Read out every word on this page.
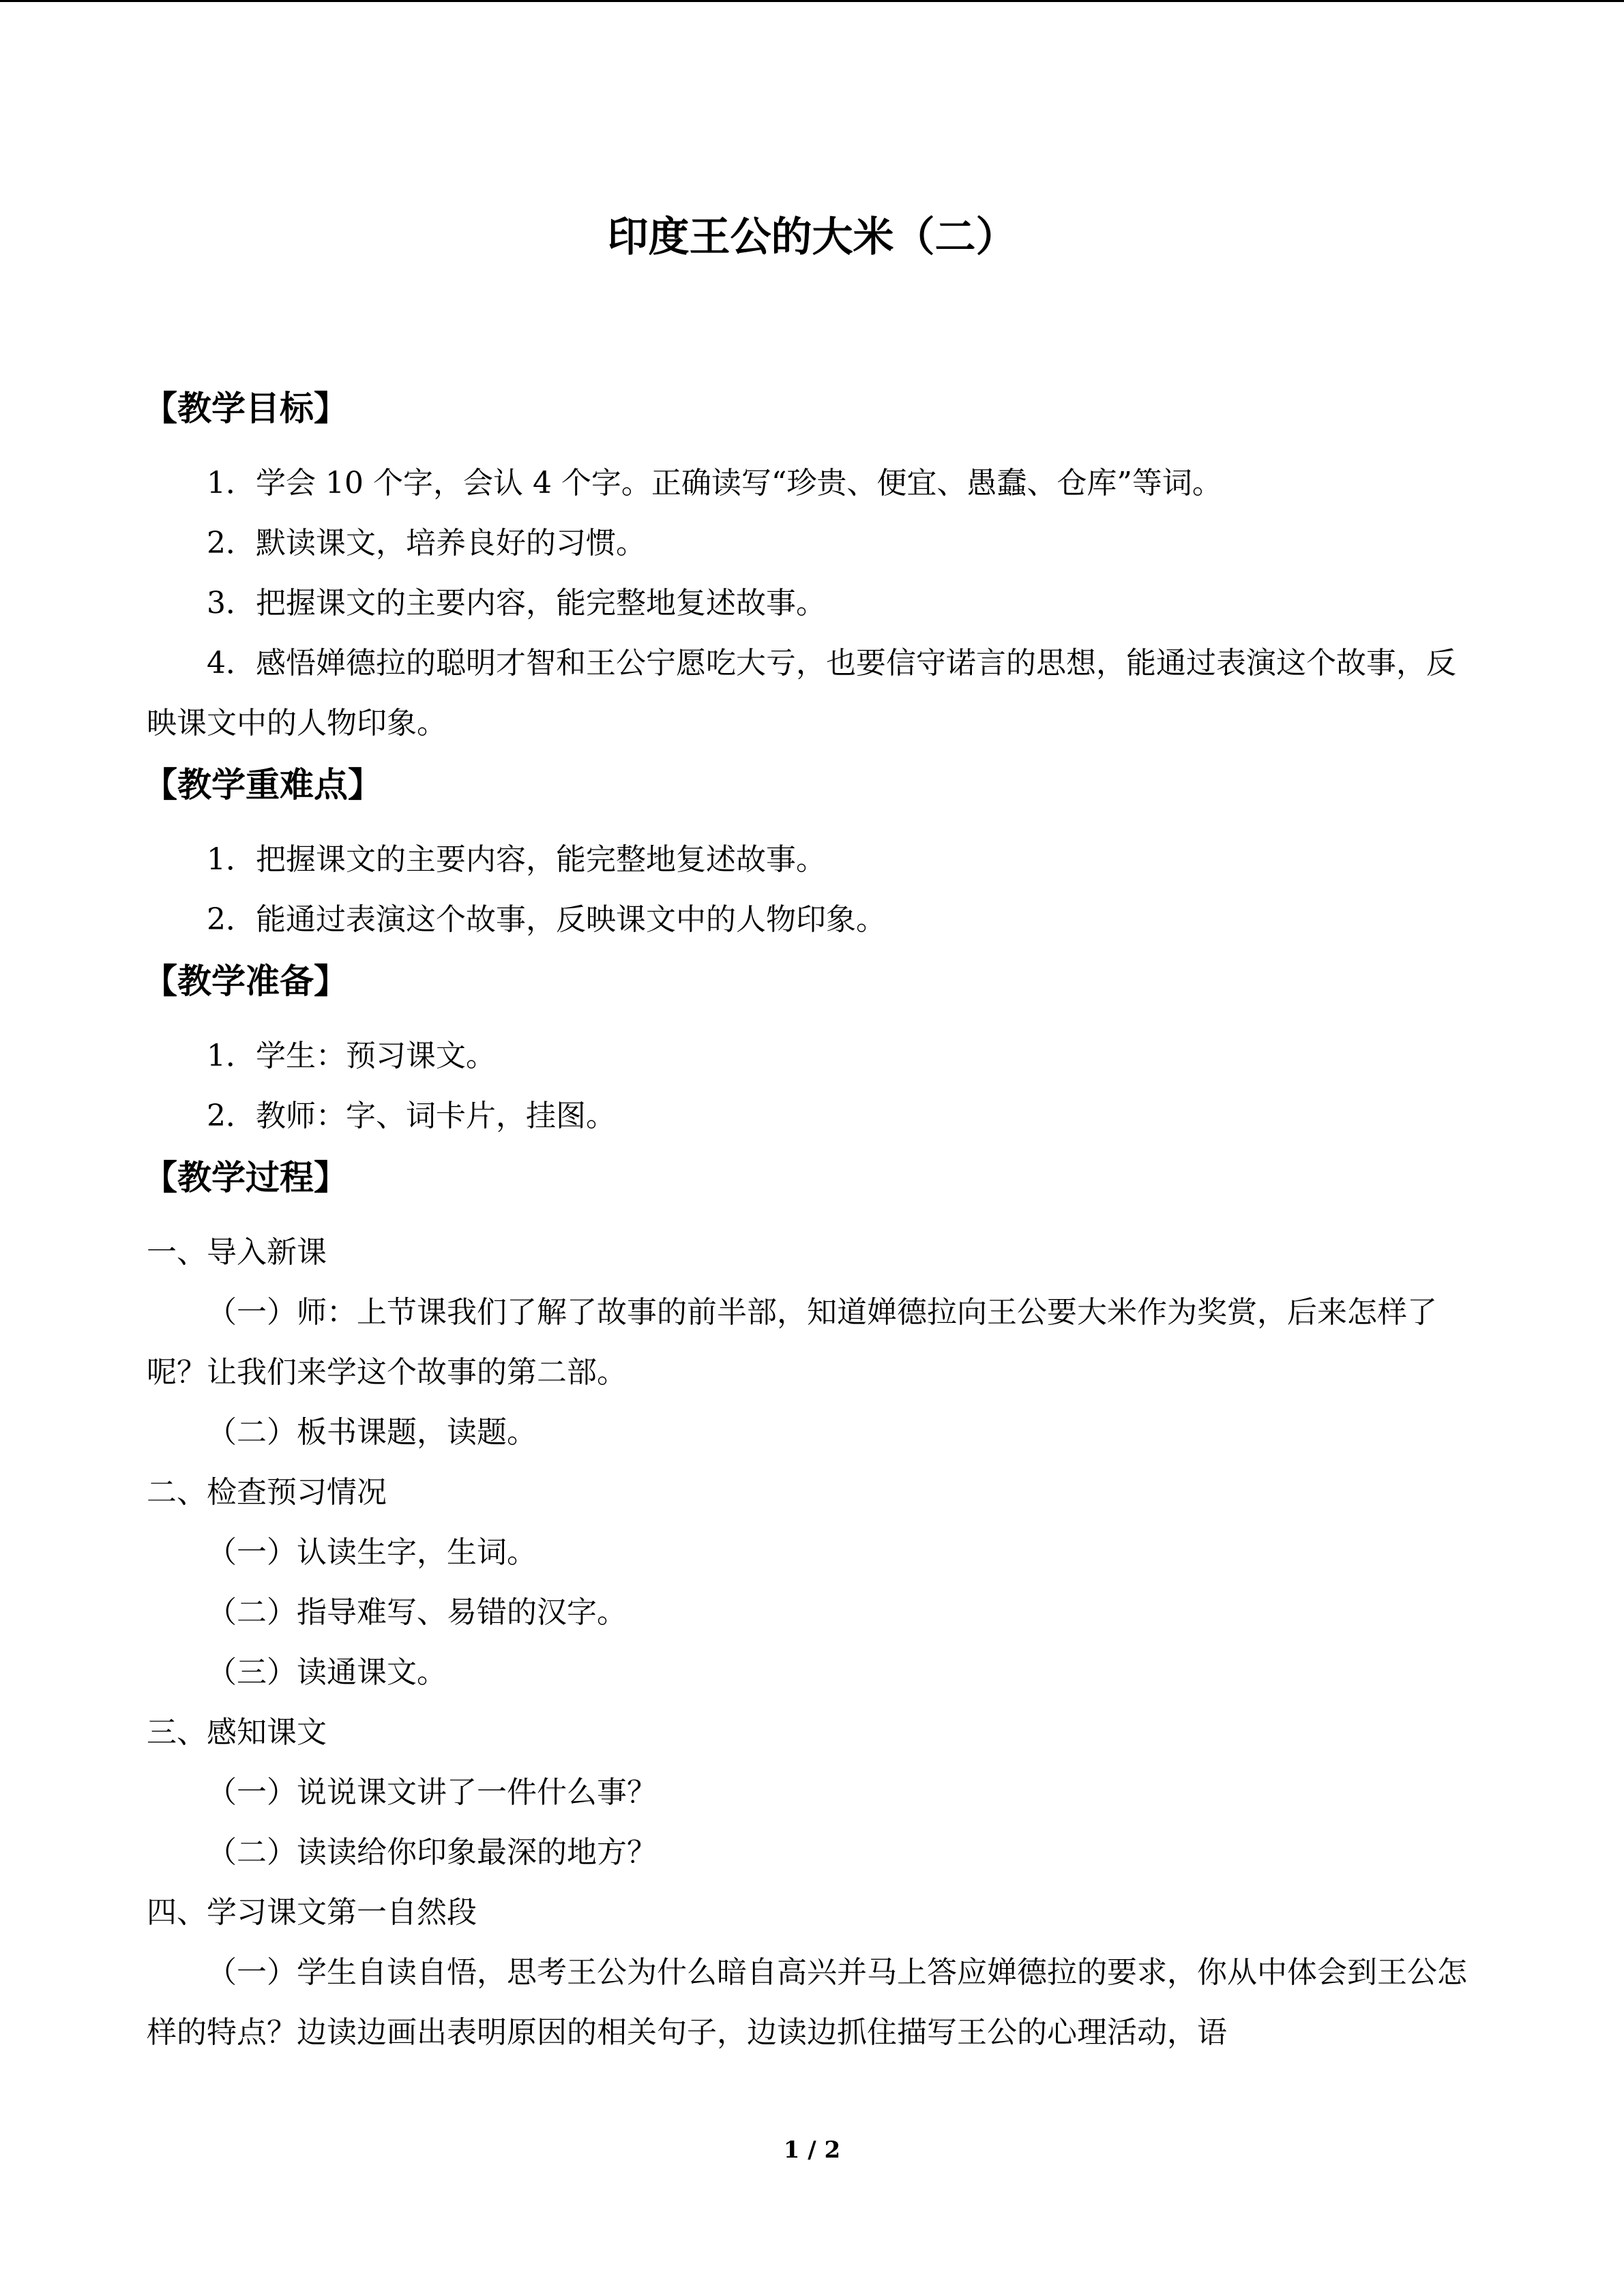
印度王公的大米（二）
【教学目标】
1．学会 10 个字，会认 4 个字。正确读写“珍贵、便宜、愚蠢、仓库”等词。
2．默读课文，培养良好的习惯。
3．把握课文的主要内容，能完整地复述故事。
4．感悟婵德拉的聪明才智和王公宁愿吃大亏，也要信守诺言的思想，能通过表演这个故事，反映课文中的人物印象。
【教学重难点】
1．把握课文的主要内容，能完整地复述故事。
2．能通过表演这个故事，反映课文中的人物印象。
【教学准备】
1．学生：预习课文。
2．教师：字、词卡片，挂图。
【教学过程】
一、导入新课
（一）师：上节课我们了解了故事的前半部，知道婵德拉向王公要大米作为奖赏，后来怎样了呢？让我们来学这个故事的第二部。
（二）板书课题，读题。
二、检查预习情况
（一）认读生字，生词。
（二）指导难写、易错的汉字。
（三）读通课文。
三、感知课文
（一）说说课文讲了一件什么事？
（二）读读给你印象最深的地方？
四、学习课文第一自然段
（一）学生自读自悟，思考王公为什么暗自高兴并马上答应婵德拉的要求，你从中体会到王公怎样的特点？边读边画出表明原因的相关句子，边读边抓住描写王公的心理活动，语
1 / 2
